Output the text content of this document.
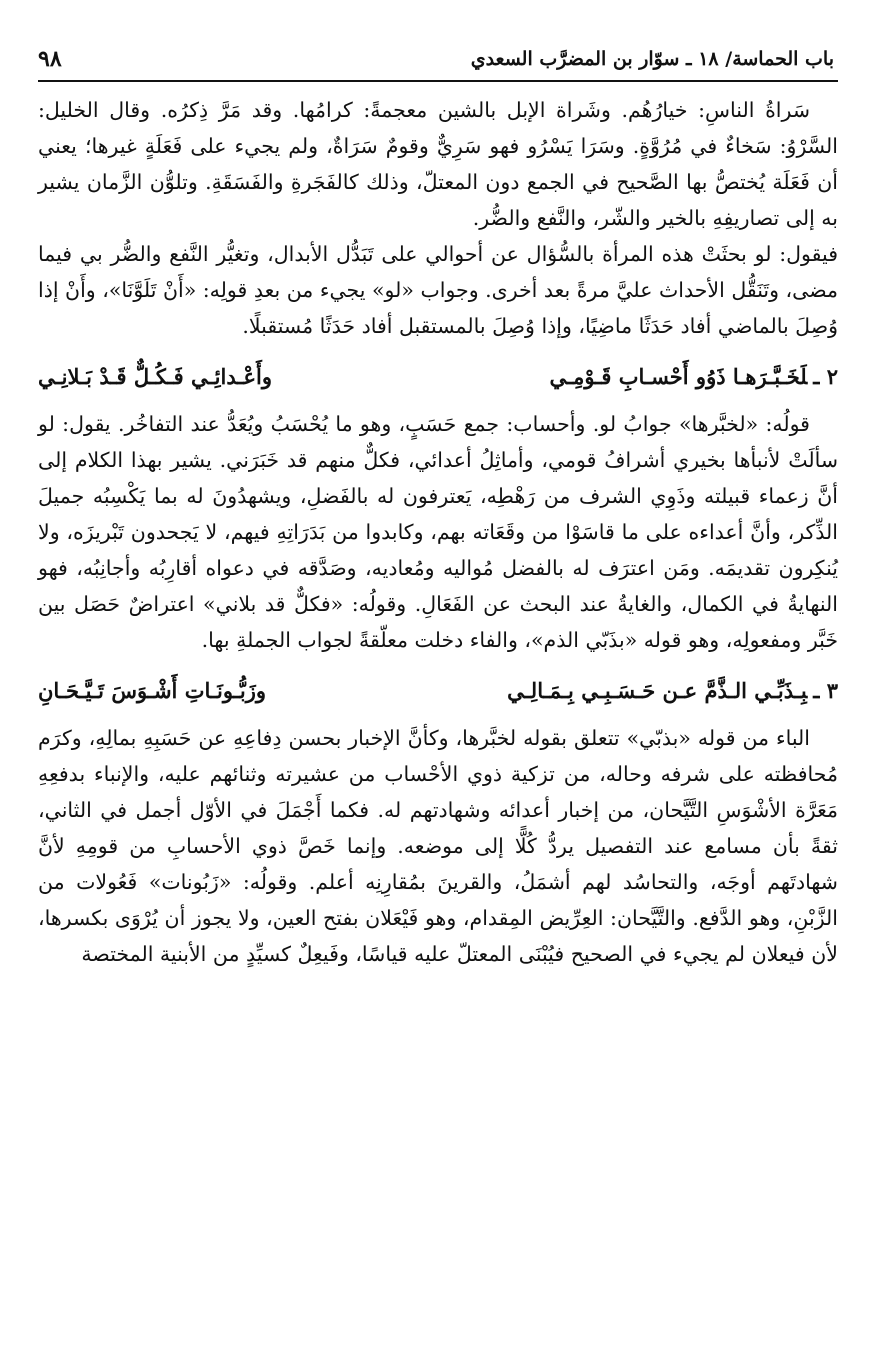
٩٨	باب الحماسة/ ١٨ ـ سوّار بن المضرَّب السعدي

سَراةُ الناسِ: خيارُهُم. وشَراة الإبل بالشين معجمةً: كرامُها. وقد مَرَّ ذِكرُه. وقال الخليل: السَّرْوُ: سَخاءٌ في مُرُوَّةٍ. وسَرَا يَسْرُو فهو سَرِيٌّ وقومٌ سَرَاةٌ، ولم يجيء على فَعَلَةٍ غيرها؛ يعني أن فَعَلَة يُختصُّ بها الصَّحيح في الجمع دون المعتلّ، وذلك كالفَجَرةِ والفَسَقَةِ. وتلوُّن الزَّمان يشير به إلى تصاريفِهِ بالخير والشّر، والنَّفع والضُّر.

فيقول: لو بحثَتْ هذه المرأة بالسُّؤال عن أحوالي على تَبَدُّل الأبدال، وتغيُّر النَّفع والضُّر بي فيما مضى، وتَنَقُّل الأحداث عليَّ مرةً بعد أخرى. وجواب «لو» يجيء من بعدِ قولِه: «أَنْ تَلَوَّنَا»، وأَنْ إذا وُصِلَ بالماضي أفاد حَدَثًا ماضِيًا، وإذا وُصِلَ بالمستقبل أفاد حَدَثًا مُستقبلًا.

٢ ـلَخَـبَّـرَهـا ذَوُو أَحْسـابِ قَـوْمِـي
وأَعْـدائِـي فَـكُـلٌّ قَـدْ بَـلانِـي

قولُه: «لخبَّرها» جوابُ لو. وأحساب: جمع حَسَبٍ، وهو ما يُحْسَبُ ويُعَدُّ عند التفاخُر. يقول: لو سألَتْ لأنبأها بخيري أشرافُ قومي، وأماثِلُ أعدائي، فكلٌّ منهم قد خَبَرَني. يشير بهذا الكلام إلى أنَّ زعماء قبيلته وذَوِي الشرف من رَهْطِه، يَعترفون له بالفَضلِ، ويشهدُونَ له بما يَكْسِبُه جميلَ الذِّكر، وأنَّ أعداءه على ما قاسَوْا من وقَعَاته بهم، وكابدوا من بَدَرَاتِهِ فيهم، لا يَجحدون تَبْريزَه، ولا يُنكِرون تقديمَه. ومَن اعترَف له بالفضل مُواليه ومُعاديه، وصَدَّقه في دعواه أقارِبُه وأجانِبُه، فهو النهايةُ في الكمال، والغايةُ عند البحث عن الفَعَالِ. وقولُه: «فكلٌّ قد بلاني» اعتراضٌ حَصَل بين خَبَّر ومفعولِه، وهو قوله «بذَبّي الذم»، والفاء دخلت معلّقةً لجواب الجملةِ بها.

٣ ـبِـذَبِّـي الـذَّمَّ عـن حَـسَـبِـي بِـمَـالِـي
وزَبُّـونَـاتِ أَشْـوَسَ تَـيَّـحَـانِ

الباء من قوله «بذبّي» تتعلق بقوله لخبَّرها، وكأنَّ الإخبار بحسن دِفاعِهِ عن حَسَبِهِ بمالِهِ، وكرَم مُحافظته على شرفه وحاله، من تزكية ذوي الأحْساب من عشيرته وثنائهم عليه، والإنباء بدفعِهِ مَعَرَّة الأشْوَسِ التَّيَّحان، من إخبار أعدائه وشهادتهم له. فكما أَجْمَلَ في الأوّل أجمل في الثاني، ثقةً بأن مسامع عند التفصيل يردُّ كُلًّا إلى موضعه. وإنما خَصَّ ذوي الأحسابِ من قومِهِ لأنَّ شهادتَهم أوجَه، والتحاسُد لهم أشمَلُ، والقرينَ بمُقارِنِه أعلم. وقولُه: «زَبُونات» فَعُولات من الزَّبْنِ، وهو الدَّفع. والتَّيَّحان: العِرِّيض المِقدام، وهو فَيْعَلان بفتح العين، ولا يجوز أن يُرْوَى بكسرها، لأن فيعلان لم يجيء في الصحيح فيُبْنَى المعتلّ عليه قياسًا، وفَيعِلٌ كسيِّدٍ من الأبنية المختصة
